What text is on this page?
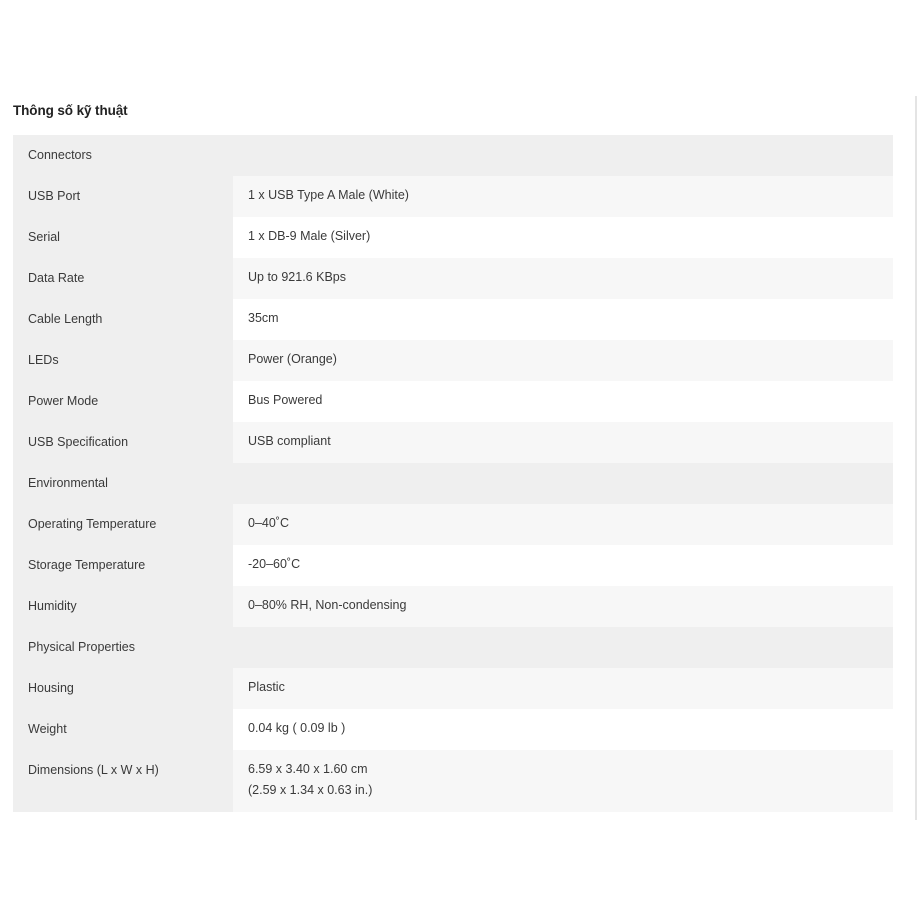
Thông số kỹ thuật
Connectors
USB Port	1 x USB Type A Male (White)
Serial	1 x DB-9 Male (Silver)
Data Rate	Up to 921.6 KBps
Cable Length	35cm
LEDs	Power (Orange)
Power Mode	Bus Powered
USB Specification	USB compliant
Environmental
Operating Temperature	0–40˚C
Storage Temperature	-20–60˚C
Humidity	0–80% RH, Non-condensing
Physical Properties
Housing	Plastic
Weight	0.04 kg ( 0.09 lb )
Dimensions (L x W x H)	6.59 x 3.40 x 1.60 cm
(2.59 x 1.34 x 0.63 in.)
